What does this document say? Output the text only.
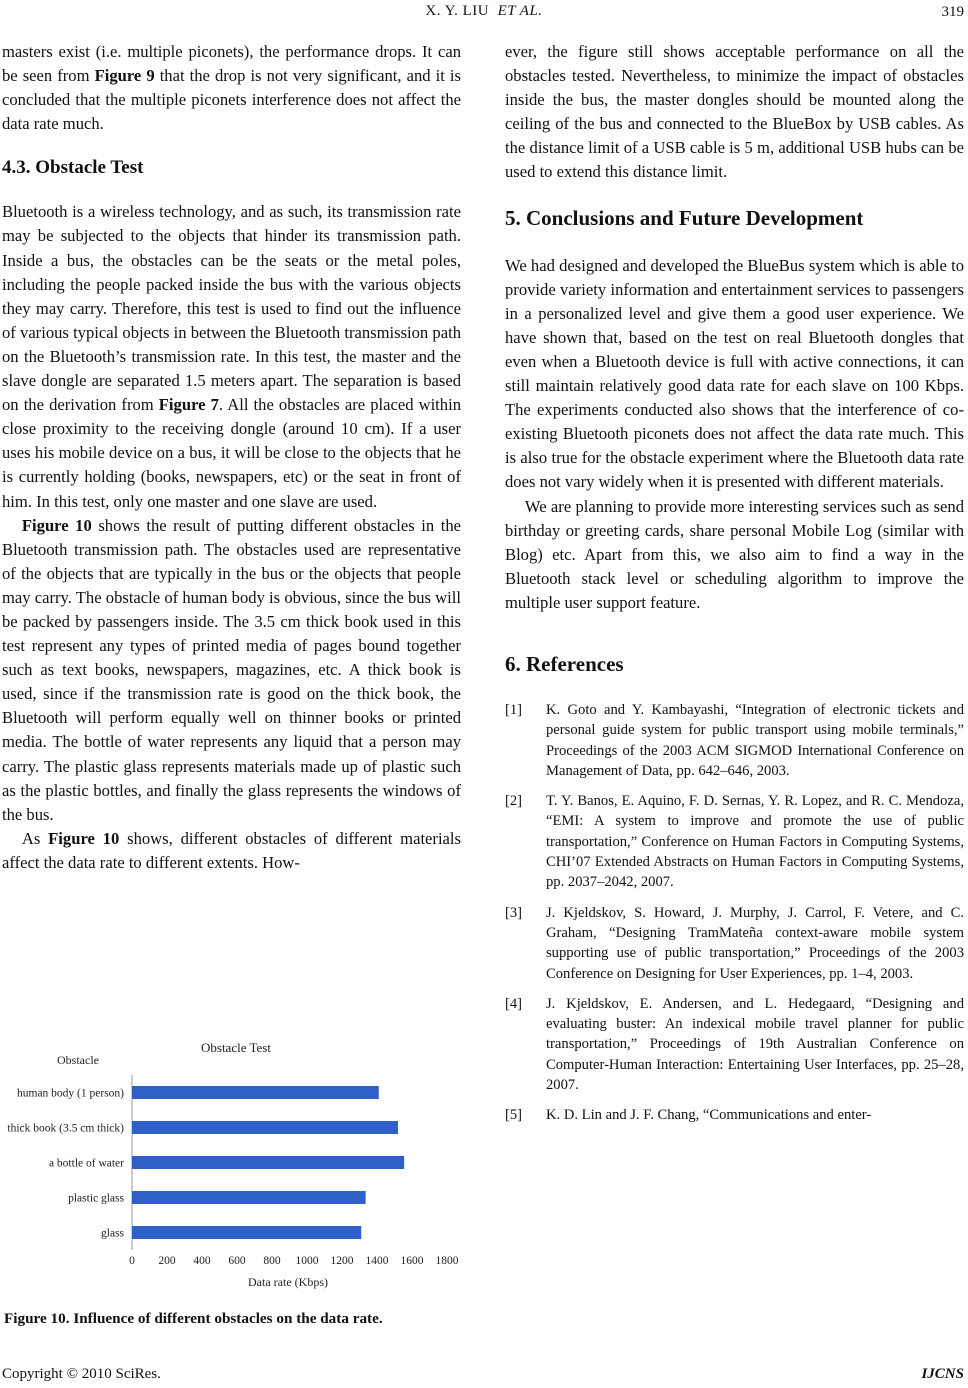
X. Y. LIU ET AL.	319

masters exist (i.e. multiple piconets), the performance drops. It can be seen from Figure 9 that the drop is not very significant, and it is concluded that the multiple piconets interference does not affect the data rate much.

4.3. Obstacle Test

Bluetooth is a wireless technology, and as such, its transmission rate may be subjected to the objects that hinder its transmission path. Inside a bus, the obstacles can be the seats or the metal poles, including the people packed inside the bus with the various objects they may carry. Therefore, this test is used to find out the influence of various typical objects in between the Bluetooth transmission path on the Bluetooth’s transmission rate. In this test, the master and the slave dongle are separated 1.5 meters apart. The separation is based on the derivation from Figure 7. All the obstacles are placed within close proximity to the receiving dongle (around 10 cm). If a user uses his mobile device on a bus, it will be close to the objects that he is currently holding (books, newspapers, etc) or the seat in front of him. In this test, only one master and one slave are used.

Figure 10 shows the result of putting different obstacles in the Bluetooth transmission path. The obstacles used are representative of the objects that are typically in the bus or the objects that people may carry. The obstacle of human body is obvious, since the bus will be packed by passengers inside. The 3.5 cm thick book used in this test represent any types of printed media of pages bound together such as text books, newspapers, magazines, etc. A thick book is used, since if the transmission rate is good on the thick book, the Bluetooth will perform equally well on thinner books or printed media. The bottle of water represents any liquid that a person may carry. The plastic glass represents materials made up of plastic such as the plastic bottles, and finally the glass represents the windows of the bus.

As Figure 10 shows, different obstacles of different materials affect the data rate to different extents. How-

Obstacle Test
Obstacle
Data rate (Kbps)
human body (1 person)
thick book (3.5 cm thick)
a bottle of water
plastic glass
glass
0 200 400 600 800 1000 1200 1400 1600 1800
Figure 10. Influence of different obstacles on the data rate.

ever, the figure still shows acceptable performance on all the obstacles tested. Nevertheless, to minimize the impact of obstacles inside the bus, the master dongles should be mounted along the ceiling of the bus and connected to the BlueBox by USB cables. As the distance limit of a USB cable is 5 m, additional USB hubs can be used to extend this distance limit.

5. Conclusions and Future Development

We had designed and developed the BlueBus system which is able to provide variety information and entertainment services to passengers in a personalized level and give them a good user experience. We have shown that, based on the test on real Bluetooth dongles that even when a Bluetooth device is full with active connections, it can still maintain relatively good data rate for each slave on 100 Kbps. The experiments conducted also shows that the interference of co-existing Bluetooth piconets does not affect the data rate much. This is also true for the obstacle experiment where the Bluetooth data rate does not vary widely when it is presented with different materials.

We are planning to provide more interesting services such as send birthday or greeting cards, share personal Mobile Log (similar with Blog) etc. Apart from this, we also aim to find a way in the Bluetooth stack level or scheduling algorithm to improve the multiple user support feature.

6. References
[1]	K. Goto and Y. Kambayashi, “Integration of electronic tickets and personal guide system for public transport using mobile terminals,” Proceedings of the 2003 ACM SIGMOD International Conference on Management of Data, pp. 642–646, 2003.
[2]	T. Y. Banos, E. Aquino, F. D. Sernas, Y. R. Lopez, and R. C. Mendoza, “EMI: A system to improve and promote the use of public transportation,” Conference on Human Factors in Computing Systems, CHI’07 Extended Abstracts on Human Factors in Computing Systems, pp. 2037–2042, 2007.
[3]	J. Kjeldskov, S. Howard, J. Murphy, J. Carrol, F. Vetere, and C. Graham, “Designing TramMateña context-aware mobile system supporting use of public transportation,” Proceedings of the 2003 Conference on Designing for User Experiences, pp. 1–4, 2003.
[4]	J. Kjeldskov, E. Andersen, and L. Hedegaard, “Designing and evaluating buster: An indexical mobile travel planner for public transportation,” Proceedings of 19th Australian Conference on Computer-Human Interaction: Entertaining User Interfaces, pp. 25–28, 2007.
[5]	K. D. Lin and J. F. Chang, “Communications and enter-
Copyright © 2010 SciRes.	IJCNS
